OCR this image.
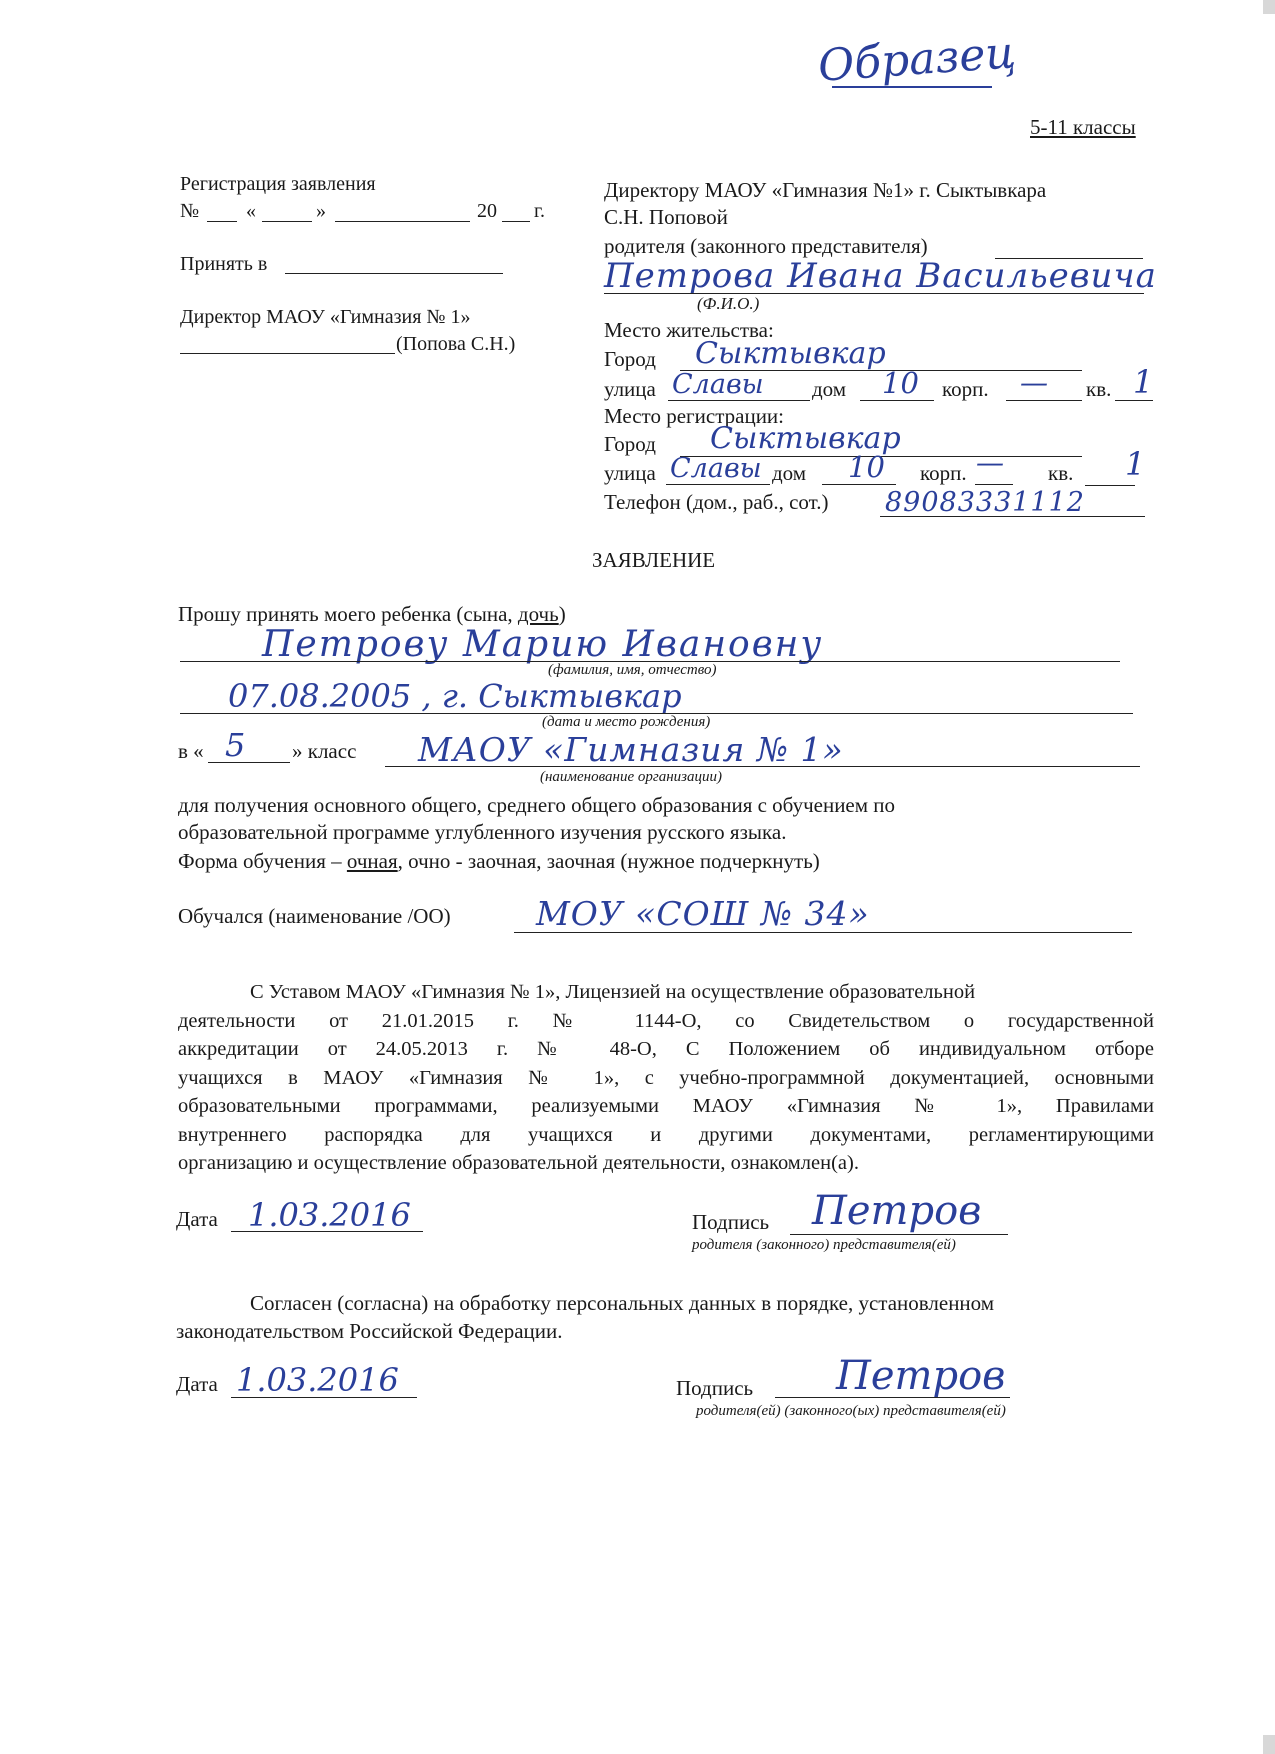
Образец
5-11 классы
Регистрация заявления
№ «	»	20 г.
Принять в
Директор МАОУ «Гимназия № 1»
(Попова С.Н.)
Директору МАОУ «Гимназия №1» г. Сыктывкара
С.Н. Поповой
родителя (законного представителя)
Петрова Ивана Васильевича
(Ф.И.О.)
Место жительства:
Город Сыктывкар
улица Славы дом 10 корп. — кв. 1
Место регистрации:
Город Сыктывкар
улица Славы дом 10 корп. — кв. 1
Телефон (дом., раб., сот.) 89083331112
ЗАЯВЛЕНИЕ
Прошу принять моего ребенка (сына, дочь)
Петрову Марию Ивановну
(фамилия, имя, отчество)
07.08.2005 , г. Сыктывкар
(дата и место рождения)
в « 5 » класс МАОУ «Гимназия № 1»
(наименование организации)
для получения основного общего, среднего общего образования с обучением по
образовательной программе углубленного изучения русского языка.
Форма обучения – очная, очно - заочная, заочная (нужное подчеркнуть)
Обучался (наименование /ОО)	МОУ «СОШ № 34»

С Уставом МАОУ «Гимназия № 1», Лицензией на осуществление образовательной

деятельности от 21.01.2015 г. № 1144-О, со Свидетельством о государственной

аккредитации от 24.05.2013 г. № 48-О, С Положением об индивидуальном отборе

учащихся в МАОУ «Гимназия № 1», с учебно-программной документацией, основными

образовательными программами, реализуемыми МАОУ «Гимназия № 1», Правилами

внутреннего распорядка для учащихся и другими документами, регламентирующими

организацию и осуществление образовательной деятельности, ознакомлен(а).

Дата 1.03.2016	Подпись Петров
родителя (законного) представителя(ей)
Согласен (согласна) на обработку персональных данных в порядке, установленном
законодательством Российской Федерации.
Дата 1.03.2016	Подпись Петров
родителя(ей) (законного(ых) представителя(ей)
